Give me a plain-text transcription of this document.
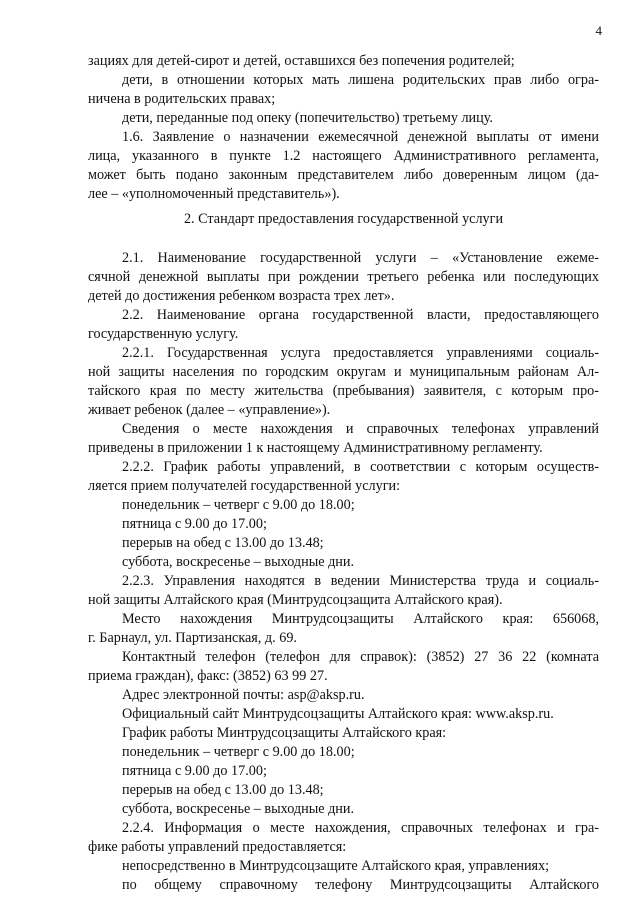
4
зациях для детей-сирот и детей, оставшихся без попечения родителей;
дети, в отношении которых мать лишена родительских прав либо огра-
ничена в родительских правах;
дети, переданные под опеку (попечительство) третьему лицу.
1.6. Заявление о назначении ежемесячной денежной выплаты от имени
лица, указанного в пункте 1.2 настоящего Административного регламента,
может быть подано законным представителем либо доверенным лицом (да-
лее – «уполномоченный представитель»).
2. Стандарт предоставления государственной услуги
2.1. Наименование государственной услуги – «Установление ежеме-
сячной денежной выплаты при рождении третьего ребенка или последующих
детей до достижения ребенком возраста трех лет».
2.2. Наименование органа государственной власти, предоставляющего
государственную услугу.
2.2.1. Государственная услуга предоставляется управлениями социаль-
ной защиты населения по городским округам и муниципальным районам Ал-
тайского края по месту жительства (пребывания) заявителя, с которым про-
живает ребенок (далее – «управление»).
Сведения о месте нахождения и справочных телефонах управлений
приведены в приложении 1 к настоящему Административному регламенту.
2.2.2. График работы управлений, в соответствии с которым осуществ-
ляется прием получателей государственной услуги:
понедельник – четверг с 9.00 до 18.00;
пятница с 9.00 до 17.00;
перерыв на обед с 13.00 до 13.48;
суббота, воскресенье – выходные дни.
2.2.3. Управления находятся в ведении Министерства труда и социаль-
ной защиты Алтайского края (Минтрудсоцзащита Алтайского края).
Место нахождения Минтрудсоцзащиты Алтайского края: 656068,
г. Барнаул, ул. Партизанская, д. 69.
Контактный телефон (телефон для справок): (3852) 27 36 22 (комната
приема граждан), факс: (3852) 63 99 27.
Адрес электронной почты: asp@aksp.ru.
Официальный сайт Минтрудсоцзащиты Алтайского края: www.aksp.ru.
График работы Минтрудсоцзащиты Алтайского края:
понедельник – четверг с 9.00 до 18.00;
пятница с 9.00 до 17.00;
перерыв на обед с 13.00 до 13.48;
суббота, воскресенье – выходные дни.
2.2.4. Информация о месте нахождения, справочных телефонах и гра-
фике работы управлений предоставляется:
непосредственно в Минтрудсоцзащите Алтайского края, управлениях;
по общему справочному телефону Минтрудсоцзащиты Алтайского
